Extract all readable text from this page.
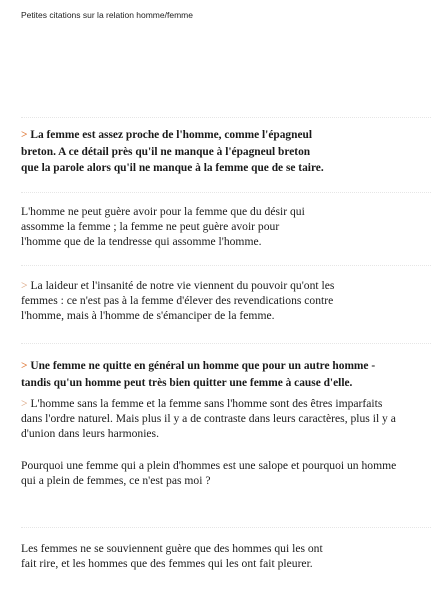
Petites citations sur la relation homme/femme

> La femme est assez proche de l'homme, comme l'épagneul
breton. A ce détail près qu'il ne manque à l'épagneul breton
que la parole alors qu'il ne manque à la femme que de se taire.

L'homme ne peut guère avoir pour la femme que du désir qui
assomme la femme ; la femme ne peut guère avoir pour
l'homme que de la tendresse qui assomme l'homme.

> La laideur et l'insanité de notre vie viennent du pouvoir qu'ont les
femmes : ce n'est pas à la femme d'élever des revendications contre
l'homme, mais à l'homme de s'émanciper de la femme.

> Une femme ne quitte en général un homme que pour un autre homme -
tandis qu'un homme peut très bien quitter une femme à cause d'elle.

> L'homme sans la femme et la femme sans l'homme sont des êtres imparfaits
dans l'ordre naturel. Mais plus il y a de contraste dans leurs caractères, plus il y a
d'union dans leurs harmonies.

Pourquoi une femme qui a plein d'hommes est une salope et pourquoi un homme
qui a plein de femmes, ce n'est pas moi ?

Les femmes ne se souviennent guère que des hommes qui les ont
fait rire, et les hommes que des femmes qui les ont fait pleurer.
